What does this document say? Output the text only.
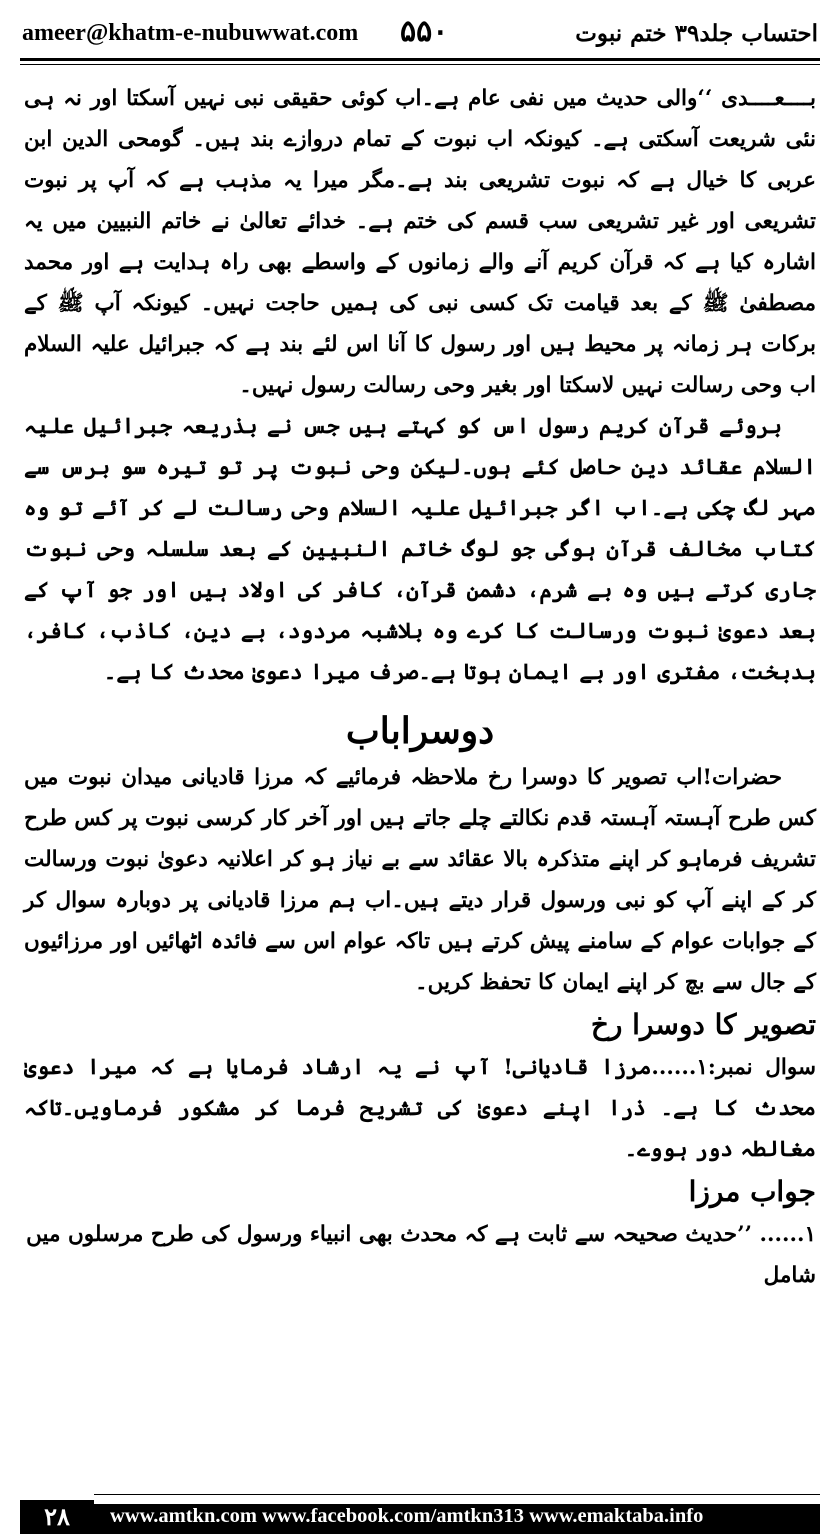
ameer@khatm-e-nubuwwat.com ۵۵۰	احتساب جلد۳۹ ختم نبوت

بــــعــــدی ‘‘والی حدیث میں نفی عام ہے۔اب کوئی حقیقی نبی نہیں آسکتا اور نہ ہی نئی شریعت آسکتی ہے۔ کیونکہ اب نبوت کے تمام دروازے بند ہیں۔ گومحی الدین ابن عربی کا خیال ہے کہ نبوت تشریعی بند ہے۔مگر میرا یہ مذہب ہے کہ آپ پر نبوت تشریعی اور غیر تشریعی سب قسم کی ختم ہے۔ خدائے تعالیٰ نے خاتم النبیین میں یہ اشارہ کیا ہے کہ قرآن کریم آنے والے زمانوں کے واسطے بھی راہ ہدایت ہے اور محمد مصطفیٰ ﷺ کے بعد قیامت تک کسی نبی کی ہمیں حاجت نہیں۔ کیونکہ آپ ﷺ کے برکات ہر زمانہ پر محیط ہیں اور رسول کا آنا اس لئے بند ہے کہ جبرائیل علیہ السلام اب وحی رسالت نہیں لاسکتا اور بغیر وحی رسالت رسول نہیں۔

بروئے قرآن کریم رسول اس کو کہتے ہیں جس نے بذریعہ جبرائیل علیہ السلام عقائد دین حاصل کئے ہوں۔لیکن وحی نبوت پر تو تیرہ سو برس سے مہر لگ چکی ہے۔اب اگر جبرائیل علیہ السلام وحی رسالت لے کر آئے تو وہ کتاب مخالف قرآن ہوگی جو لوگ خاتم النبیین کے بعد سلسلہ وحی نبوت جاری کرتے ہیں وہ بے شرم، دشمن قرآن، کافر کی اولاد ہیں اور جو آپ کے بعد دعویٰ نبوت ورسالت کا کرے وہ بلاشبہ مردود، بے دین، کاذب، کافر، بدبخت، مفتری اور بے ایمان ہوتا ہے۔صرف میرا دعویٰ محدث کا ہے۔

دوسراباب

حضرات!اب تصویر کا دوسرا رخ ملاحظہ فرمائیے کہ مرزا قادیانی میدان نبوت میں کس طرح آہستہ آہستہ قدم نکالتے چلے جاتے ہیں اور آخر کار کرسی نبوت پر کس طرح تشریف فرماہو کر اپنے متذکرہ بالا عقائد سے بے نیاز ہو کر اعلانیہ دعویٰ نبوت ورسالت کر کے اپنے آپ کو نبی ورسول قرار دیتے ہیں۔اب ہم مرزا قادیانی پر دوبارہ سوال کر کے جوابات عوام کے سامنے پیش کرتے ہیں تاکہ عوام اس سے فائدہ اٹھائیں اور مرزائیوں کے جال سے بچ کر اپنے ایمان کا تحفظ کریں۔

تصویر کا دوسرا رخ

سوال نمبر:۱......مرزا قادیانی! آپ نے یہ ارشاد فرمایا ہے کہ میرا دعویٰ محدث کا ہے۔ ذرا اپنے دعویٰ کی تشریح فرما کر مشکور فرماویں۔تاکہ مغالطہ دور ہووے۔

جواب مرزا

۱...... ’’حدیث صحیحہ سے ثابت ہے کہ محدث بھی انبیاء ورسول کی طرح مرسلوں میں شامل

۲۸	www.amtkn.com www.facebook.com/amtkn313 www.emaktaba.info
